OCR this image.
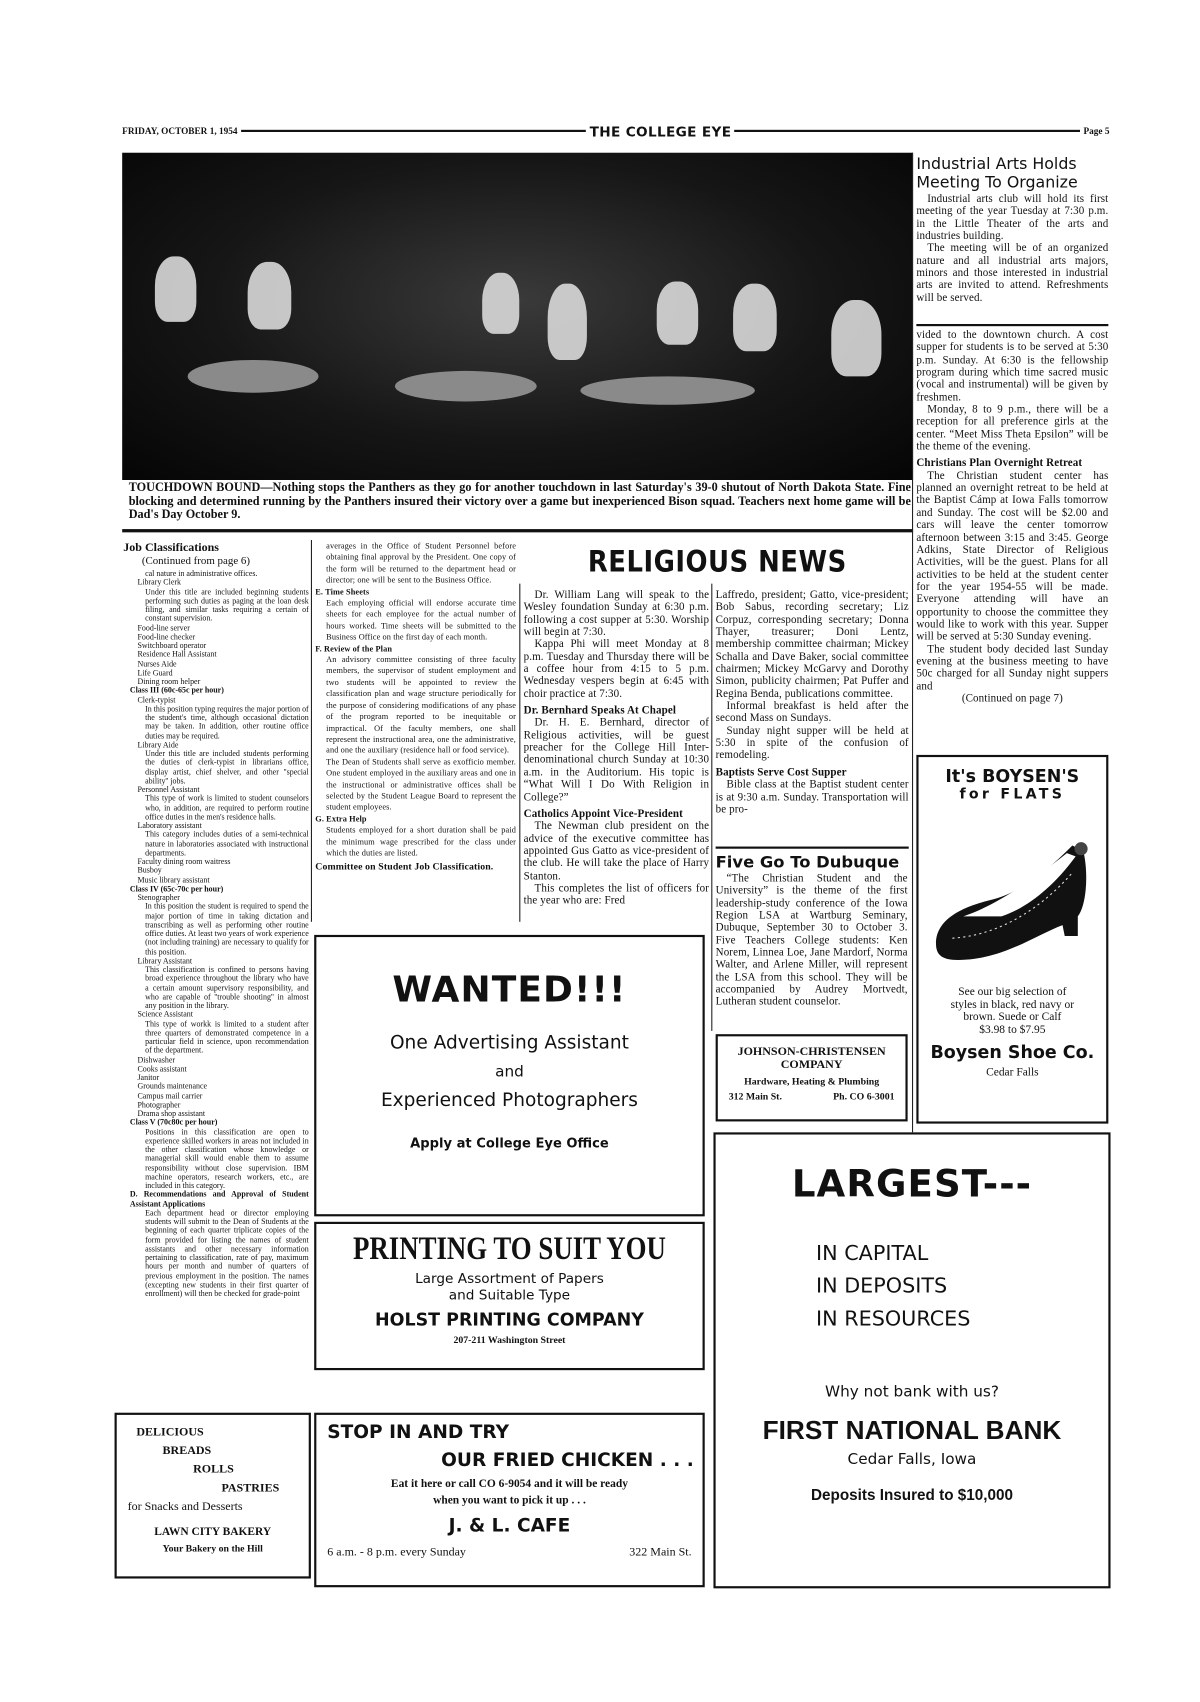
FRIDAY, OCTOBER 1, 1954	THE COLLEGE EYE	Page 5
TOUCHDOWN BOUND—Nothing stops the Panthers as they go for another touchdown in last Saturday's 39-0 shutout of North Dakota State. Fine blocking and determined running by the Panthers insured their victory over a game but inexperienced Bison squad. Teachers next home game will be Dad's Day October 9.
Industrial Arts Holds Meeting To Organize
Industrial arts club will hold its first meeting of the year Tuesday at 7:30 p.m. in the Little Theater of the arts and industries building.
The meeting will be of an organized nature and all industrial arts majors, minors and those interested in industrial arts are invited to attend. Refreshments will be served.
vided to the downtown church. A cost supper for students is to be served at 5:30 p.m. Sunday. At 6:30 is the fellowship program during which time sacred music (vocal and instrumental) will be given by freshmen.
Monday, 8 to 9 p.m., there will be a reception for all preference girls at the center. “Meet Miss Theta Epsilon” will be the theme of the evening.
Christians Plan Overnight Retreat
The Christian student center has planned an overnight retreat to be held at the Baptist Cámp at Iowa Falls tomorrow and Sunday. The cost will be $2.00 and cars will leave the center tomorrow afternoon between 3:15 and 3:45. George Adkins, State Director of Religious Activities, will be the guest. Plans for all activities to be held at the student center for the year 1954-55 will be made. Everyone attending will have an opportunity to choose the committee they would like to work with this year. Supper will be served at 5:30 Sunday evening.
The student body decided last Sunday evening at the business meeting to have 50c charged for all Sunday night suppers and
(Continued on page 7)
Job Classifications
(Continued from page 6)
cal nature in administrative offices.
Library Clerk
Under this title are included beginning students performing such duties as paging at the loan desk filing, and similar tasks requiring a certain of constant supervision.
Food-line server
Food-line checker
Switchboard operator
Residence Hall Assistant
Nurses Aide
Life Guard
Dining room helper
Class III (60c-65c per hour)
Clerk-typist
In this position typing requires the major portion of the student's time, although occasional dictation may be taken. In addition, other routine office duties may be required.
Library Aide
Under this title are included students performing the duties of clerk-typist in librarians office, display artist, chief shelver, and other ''special ability'' jobs.
Personnel Assistant
This type of work is limited to student counselors who, in addition, are required to perform routine office duties in the men's residence halls.
Laboratory assistant
This category includes duties of a semi-technical nature in laboratories associated with instructional departments.
Faculty dining room waitress
Busboy
Music library assistant
Class IV (65c-70c per hour)
Stenographer
In this position the student is required to spend the major portion of time in taking dictation and transcribing as well as performing other routine office duties. At least two years of work experience (not including training) are necessary to qualify for this position.
Library Assistant
This classification is confined to persons having broad experience throughout the library who have a certain amount supervisory responsibility, and who are capable of ''trouble shooting'' in almost any position in the library.
Science Assistant
This type of workk is limited to a student after three quarters of demonstrated competence in a particular field in science, upon recommendation of the department.
Dishwasher
Cooks assistant
Janitor
Grounds maintenance
Campus mail carrier
Photographer
Drama shop assistant
Class V (70c80c per hour)
Positions in this classification are open to experience skilled workers in areas not included in the other classification whose knowledge or managerial skill would enable them to assume responsibility without close supervision. IBM machine operators, research workers, etc., are included in this category.
D. Recommendations and Approval of Student Assistant Applications
Each department head or director employing students will submit to the Dean of Students at the beginning of each quarter triplicate copies of the form provided for listing the names of student assistants and other necessary information pertaining to classification, rate of pay, maximum hours per month and number of quarters of previous employment in the position. The names (excepting new students in their first quarter of enrollment) will then be checked for grade-point
averages in the Office of Student Personnel before obtaining final approval by the President. One copy of the form will be returned to the department head or director; one will be sent to the Business Office.
E. Time Sheets
Each employing official will endorse accurate time sheets for each employee for the actual number of hours worked. Time sheets will be submitted to the Business Office on the first day of each month.
F. Review of the Plan
An advisory committee consisting of three faculty members, the supervisor of student employment and two students will be appointed to review the classification plan and wage structure periodically for the purpose of considering modifications of any phase of the program reported to be inequitable or impractical. Of the faculty members, one shall represent the instructional area, one the administrative, and one the auxiliary (residence hall or food service).
The Dean of Students shall serve as exofficio member. One student employed in the auxiliary areas and one in the instructional or administrative offices shall be selected by the Student League Board to represent the student employees.
G. Extra Help
Students employed for a short duration shall be paid the minimum wage prescribed for the class under which the duties are listed.
Committee on Student Job Classification.
RELIGIOUS NEWS
Dr. William Lang will speak to the Wesley foundation Sunday at 6:30 p.m. following a cost supper at 5:30. Worship will begin at 7:30.
Kappa Phi will meet Monday at 8 p.m. Tuesday and Thursday there will be a coffee hour from 4:15 to 5 p.m. Wednesday vespers begin at 6:45 with choir practice at 7:30.
Dr. Bernhard Speaks At Chapel
Dr. H. E. Bernhard, director of Religious activities, will be guest preacher for the College Hill Inter-denominational church Sunday at 10:30 a.m. in the Auditorium. His topic is “What Will I Do With Religion in College?”
Catholics Appoint Vice-President
The Newman club president on the advice of the executive committee has appointed Gus Gatto as vice-president of the club. He will take the place of Harry Stanton.
This completes the list of officers for the year who are: Fred
Laffredo, president; Gatto, vice-president; Bob Sabus, recording secretary; Liz Corpuz, corresponding secretary; Donna Thayer, treasurer; Doni Lentz, membership committee chairman; Mickey Schalla and Dave Baker, social committee chairmen; Mickey McGarvy and Dorothy Simon, publicity chairmen; Pat Puffer and Regina Benda, publications committee.
Informal breakfast is held after the second Mass on Sundays.
Sunday night supper will be held at 5:30 in spite of the confusion of remodeling.
Baptists Serve Cost Supper
Bible class at the Baptist student center is at 9:30 a.m. Sunday. Transportation will be pro-
Five Go To Dubuque
“The Christian Student and the University” is the theme of the first leadership-study conference of the Iowa Region LSA at Wartburg Seminary, Dubuque, September 30 to October 3. Five Teachers College students: Ken Norem, Linnea Loe, Jane Mardorf, Norma Walter, and Arlene Miller, will represent the LSA from this school. They will be accompanied by Audrey Mortvedt, Lutheran student counselor.
JOHNSON-CHRISTENSEN
COMPANY
Hardware, Heating & Plumbing
312 Main St.	Ph. CO 6-3001
It's BOYSEN'S
for FLATS
See our big selection of
styles in black, red navy or
brown. Suede or Calf
$3.98 to $7.95
Boysen Shoe Co.
Cedar Falls
WANTED!!!
One Advertising Assistant
and
Experienced Photographers
Apply at College Eye Office
PRINTING TO SUIT YOU
Large Assortment of Papers
and Suitable Type
HOLST PRINTING COMPANY
207-211 Washington Street
DELICIOUS
BREADS
ROLLS
PASTRIES
for Snacks and Desserts
LAWN CITY BAKERY
Your Bakery on the Hill
STOP IN AND TRY
OUR FRIED CHICKEN . . .
Eat it here or call CO 6-9054 and it will be ready
when you want to pick it up . . .
J. & L. CAFE
6 a.m. - 8 p.m. every Sunday	322 Main St.
LARGEST---
IN CAPITAL
IN DEPOSITS
IN RESOURCES
Why not bank with us?
FIRST NATIONAL BANK
Cedar Falls, Iowa
Deposits Insured to $10,000
